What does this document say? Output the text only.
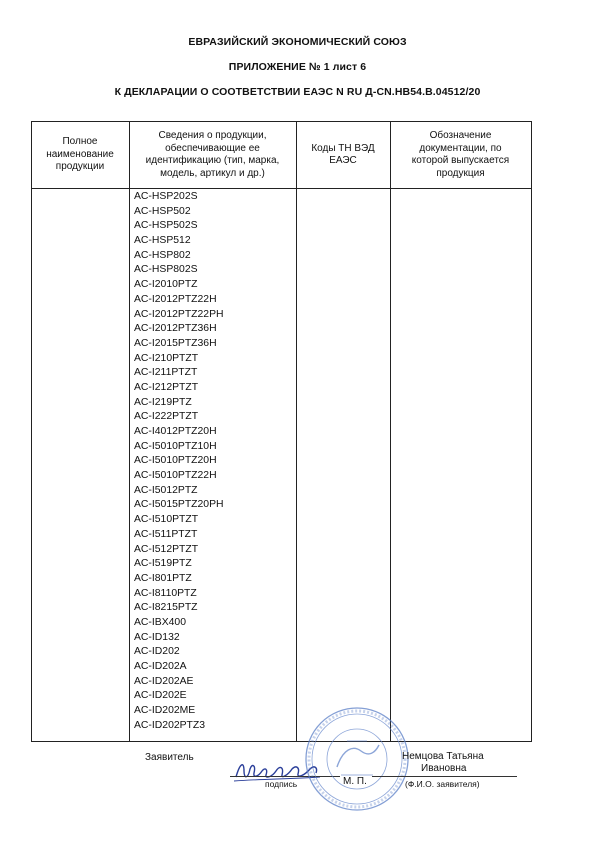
ЕВРАЗИЙСКИЙ ЭКОНОМИЧЕСКИЙ СОЮЗ
ПРИЛОЖЕНИЕ № 1 лист 6
К ДЕКЛАРАЦИИ О СООТВЕТСТВИИ ЕАЭС N RU Д-CN.НВ54.В.04512/20
Полное
наименование
продукции
Сведения о продукции,
обеспечивающие ее
идентификацию (тип, марка,
модель, артикул и др.)
Коды ТН ВЭД
ЕАЭС
Обозначение
документации, по
которой выпускается
продукция
AC-HSP202S
AC-HSP502
AC-HSP502S
AC-HSP512
AC-HSP802
AC-HSP802S
AC-I2010PTZ
AC-I2012PTZ22H
AC-I2012PTZ22PH
AC-I2012PTZ36H
AC-I2015PTZ36H
AC-I210PTZT
AC-I211PTZT
AC-I212PTZT
AC-I219PTZ
AC-I222PTZT
AC-I4012PTZ20H
AC-I5010PTZ10H
AC-I5010PTZ20H
AC-I5010PTZ22H
AC-I5012PTZ
AC-I5015PTZ20PH
AC-I510PTZT
AC-I511PTZT
AC-I512PTZT
AC-I519PTZ
AC-I801PTZ
AC-I8110PTZ
AC-I8215PTZ
AC-IBX400
AC-ID132
AC-ID202
AC-ID202A
AC-ID202AE
AC-ID202E
AC-ID202ME
AC-ID202PTZ3
Заявитель
подпись	М. П.
Немцова Татьяна
Ивановна
(Ф.И.О. заявителя)
